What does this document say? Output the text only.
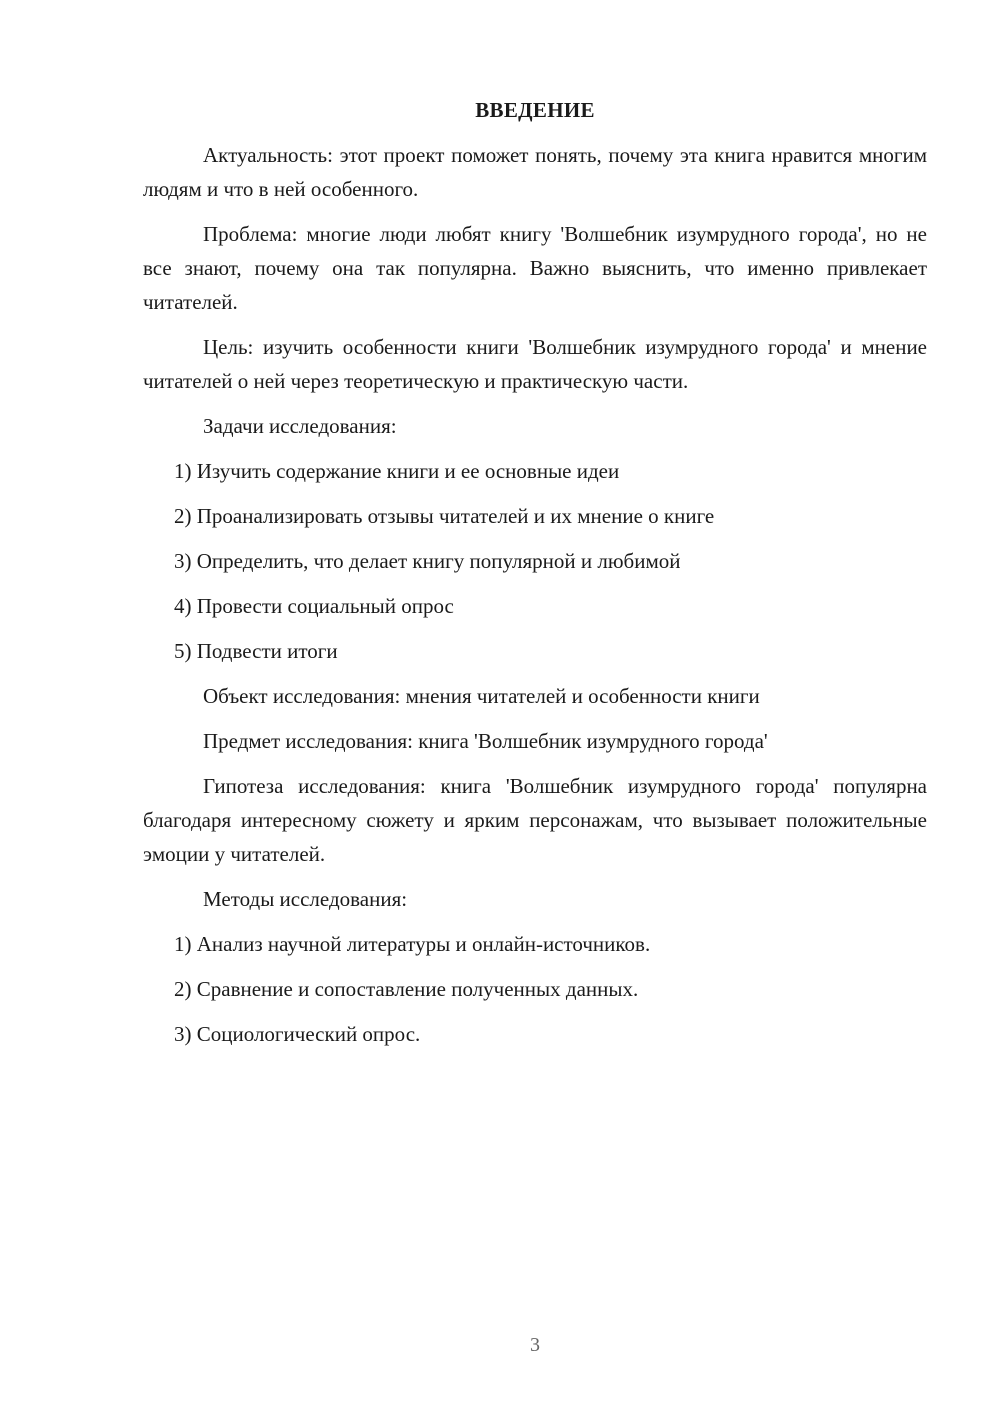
ВВЕДЕНИЕ

Актуальность: этот проект поможет понять, почему эта книга нравится многим людям и что в ней особенного.

Проблема: многие люди любят книгу 'Волшебник изумрудного города', но не все знают, почему она так популярна. Важно выяснить, что именно привлекает читателей.

Цель: изучить особенности книги 'Волшебник изумрудного города' и мнение читателей о ней через теоретическую и практическую части.

Задачи исследования:

1) Изучить содержание книги и ее основные идеи

2) Проанализировать отзывы читателей и их мнение о книге

3) Определить, что делает книгу популярной и любимой

4) Провести социальный опрос

5) Подвести итоги

Объект исследования: мнения читателей и особенности книги

Предмет исследования: книга 'Волшебник изумрудного города'

Гипотеза исследования: книга 'Волшебник изумрудного города' популярна благодаря интересному сюжету и ярким персонажам, что вызывает положительные эмоции у читателей.

Методы исследования:

1) Анализ научной литературы и онлайн-источников.

2) Сравнение и сопоставление полученных данных.

3) Социологический опрос.

3
